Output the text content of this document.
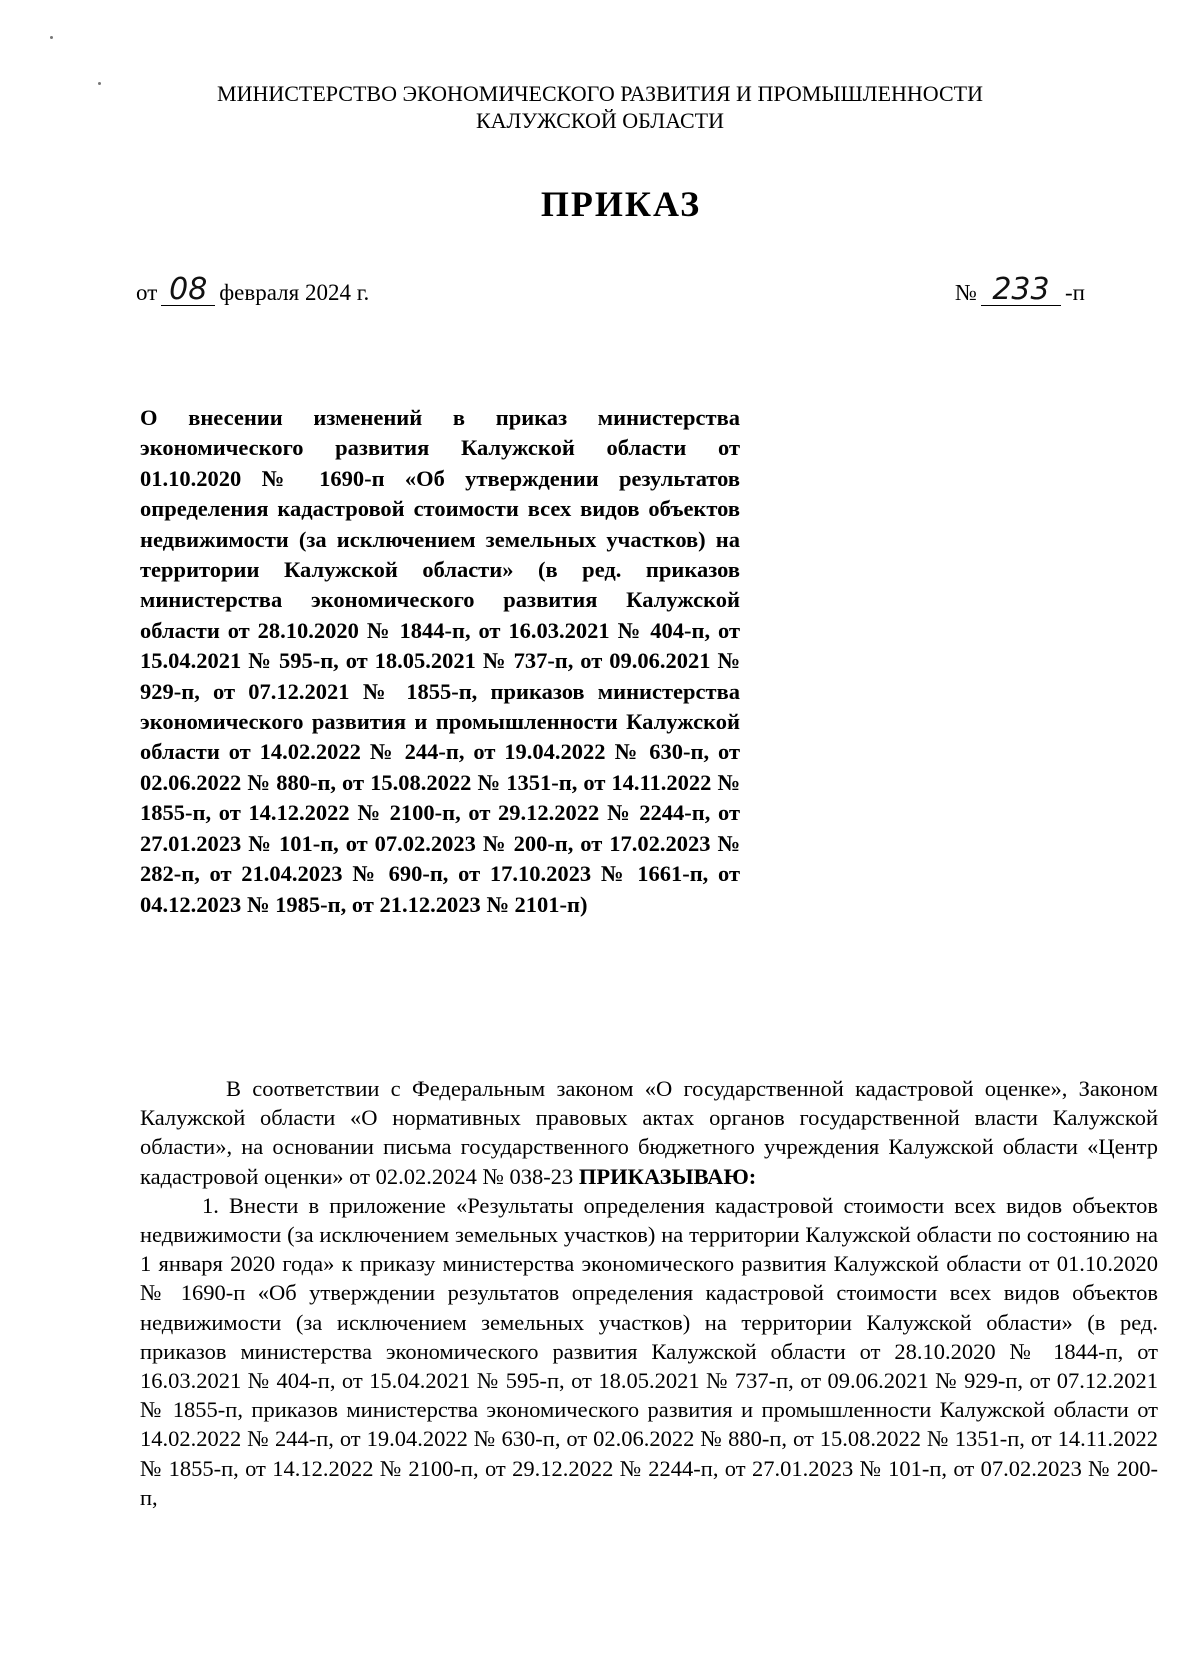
МИНИСТЕРСТВО ЭКОНОМИЧЕСКОГО РАЗВИТИЯ И ПРОМЫШЛЕННОСТИ
КАЛУЖСКОЙ ОБЛАСТИ
ПРИКАЗ
от 08 февраля 2024 г.	№ 233 -п
О внесении изменений в приказ министерства экономического развития Калужской области от 01.10.2020 № 1690-п «Об утверждении результатов определения кадастровой стоимости всех видов объектов недвижимости (за исключением земельных участков) на территории Калужской области» (в ред. приказов министерства экономического развития Калужской области от 28.10.2020 № 1844-п, от 16.03.2021 № 404-п, от 15.04.2021 № 595-п, от 18.05.2021 № 737-п, от 09.06.2021 № 929-п, от 07.12.2021 № 1855-п, приказов министерства экономического развития и промышленности Калужской области от 14.02.2022 № 244-п, от 19.04.2022 № 630-п, от 02.06.2022 № 880-п, от 15.08.2022 № 1351-п, от 14.11.2022 № 1855-п, от 14.12.2022 № 2100-п, от 29.12.2022 № 2244-п, от 27.01.2023 № 101-п, от 07.02.2023 № 200-п, от 17.02.2023 № 282-п, от 21.04.2023 № 690-п, от 17.10.2023 № 1661-п, от 04.12.2023 № 1985-п, от 21.12.2023 № 2101-п)

В соответствии с Федеральным законом «О государственной кадастровой оценке», Законом Калужской области «О нормативных правовых актах органов государственной власти Калужской области», на основании письма государственного бюджетного учреждения Калужской области «Центр кадастровой оценки» от 02.02.2024 № 038-23 ПРИКАЗЫВАЮ:

1. Внести в приложение «Результаты определения кадастровой стоимости всех видов объектов недвижимости (за исключением земельных участков) на территории Калужской области по состоянию на 1 января 2020 года» к приказу министерства экономического развития Калужской области от 01.10.2020 № 1690-п «Об утверждении результатов определения кадастровой стоимости всех видов объектов недвижимости (за исключением земельных участков) на территории Калужской области» (в ред. приказов министерства экономического развития Калужской области от 28.10.2020 № 1844-п, от 16.03.2021 № 404-п, от 15.04.2021 № 595-п, от 18.05.2021 № 737-п, от 09.06.2021 № 929-п, от 07.12.2021 № 1855-п, приказов министерства экономического развития и промышленности Калужской области от 14.02.2022 № 244-п, от 19.04.2022 № 630-п, от 02.06.2022 № 880-п, от 15.08.2022 № 1351-п, от 14.11.2022 № 1855-п, от 14.12.2022 № 2100-п, от 29.12.2022 № 2244-п, от 27.01.2023 № 101-п, от 07.02.2023 № 200-п,
